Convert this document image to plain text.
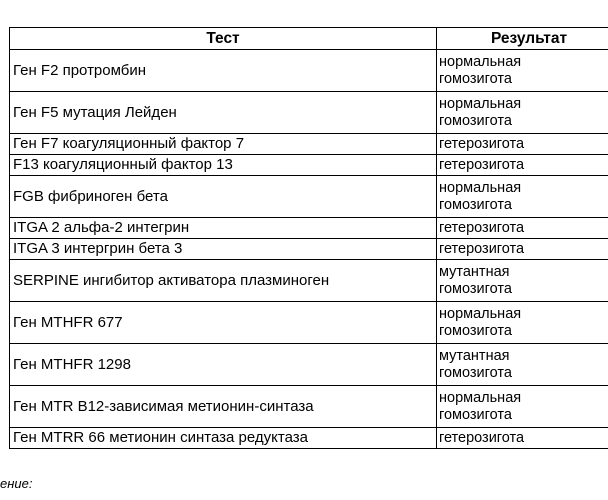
Тест	Результат
Ген F2 протромбин	нормальная
гомозигота

Ген F5 мутация Лейден	нормальная
гомозигота

Ген F7 коагуляционный фактор 7	гетерозигота

F13 коагуляционный фактор 13	гетерозигота

FGB фибриноген бета	нормальная
гомозигота

ITGA 2 альфа-2 интегрин	гетерозигота

ITGA 3 интергрин бета 3	гетерозигота

SERPINE ингибитор активатора плазминоген	мутантная
гомозигота

Ген MTHFR 677	нормальная
гомозигота

Ген MTHFR 1298	мутантная
гомозигота

Ген MTR B12-зависимая метионин-синтаза	нормальная
гомозигота

Ген MTRR 66 метионин синтаза редуктаза	гетерозигота
ение:
